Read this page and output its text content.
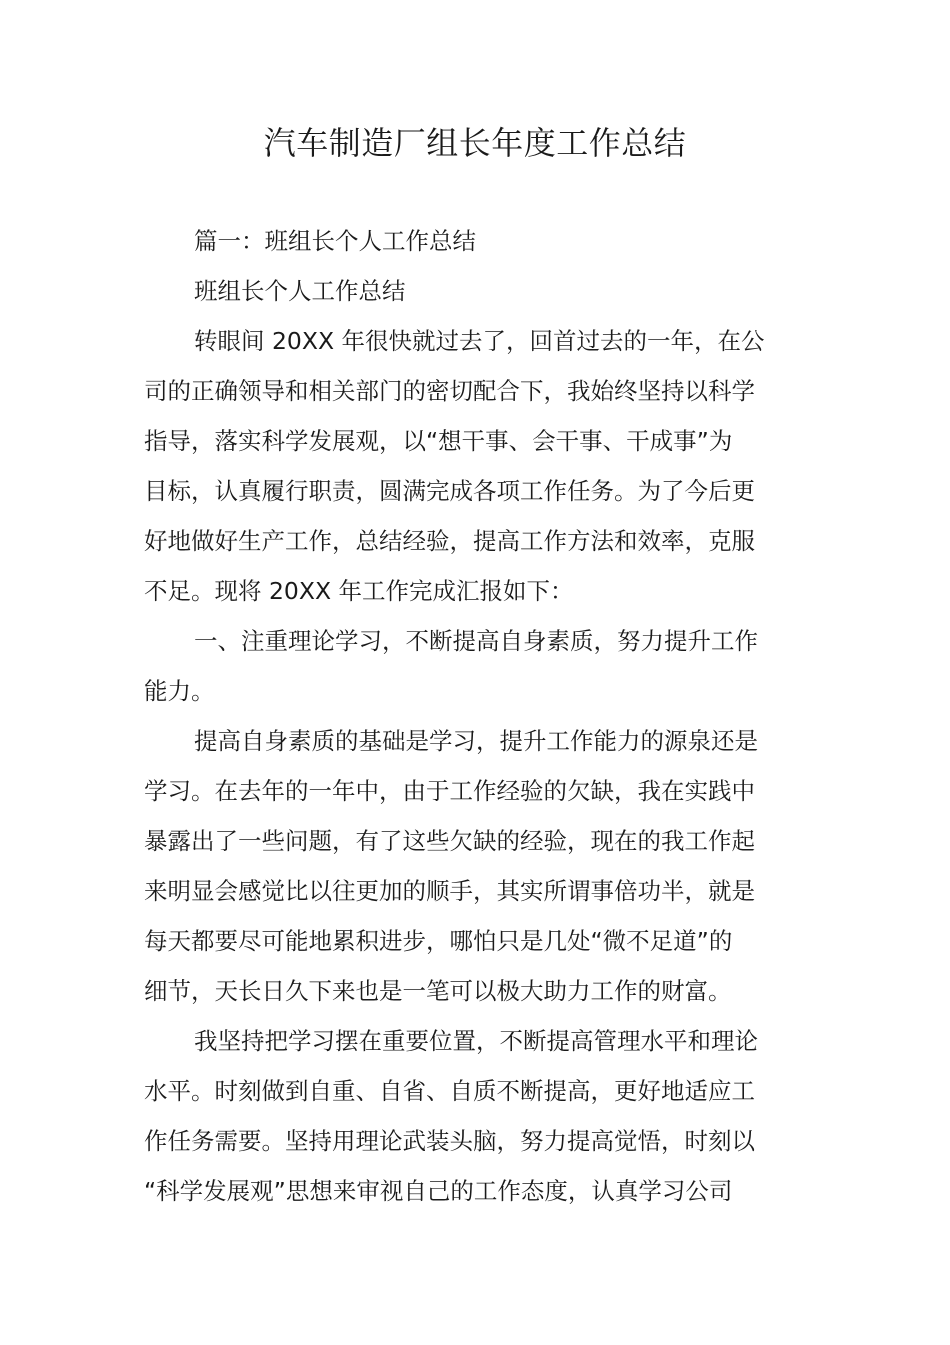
汽车制造厂组长年度工作总结
篇一：班组长个人工作总结
班组长个人工作总结
转眼间 20XX 年很快就过去了，回首过去的一年，在公
司的正确领导和相关部门的密切配合下，我始终坚持以科学
指导，落实科学发展观，以“想干事、会干事、干成事”为
目标，认真履行职责，圆满完成各项工作任务。为了今后更
好地做好生产工作，总结经验，提高工作方法和效率，克服
不足。现将 20XX 年工作完成汇报如下：
一、注重理论学习，不断提高自身素质，努力提升工作
能力。
提高自身素质的基础是学习，提升工作能力的源泉还是
学习。在去年的一年中，由于工作经验的欠缺，我在实践中
暴露出了一些问题，有了这些欠缺的经验，现在的我工作起
来明显会感觉比以往更加的顺手，其实所谓事倍功半，就是
每天都要尽可能地累积进步，哪怕只是几处“微不足道”的
细节，天长日久下来也是一笔可以极大助力工作的财富。
我坚持把学习摆在重要位置，不断提高管理水平和理论
水平。时刻做到自重、自省、自质不断提高，更好地适应工
作任务需要。坚持用理论武装头脑，努力提高觉悟，时刻以
“科学发展观”思想来审视自己的工作态度，认真学习公司
